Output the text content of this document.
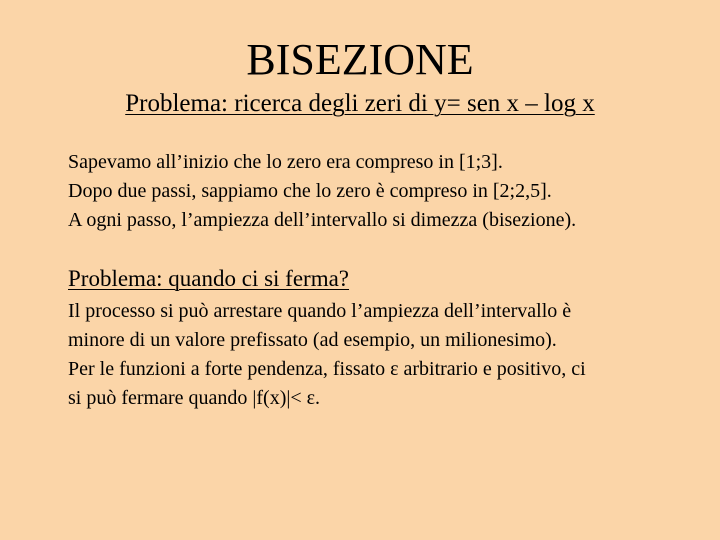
BISEZIONE
Problema: ricerca degli zeri di y= sen x – log x
Sapevamo all’inizio che lo zero era compreso in [1;3].
Dopo due passi, sappiamo che lo zero è compreso in [2;2,5].
A ogni passo, l’ampiezza dell’intervallo si dimezza (bisezione).
Problema: quando ci si ferma?
Il processo si può arrestare quando l’ampiezza dell’intervallo è
minore di un valore prefissato (ad esempio, un milionesimo).
Per le funzioni a forte pendenza, fissato ε arbitrario e positivo, ci
si può fermare quando |f(x)|< ε.
